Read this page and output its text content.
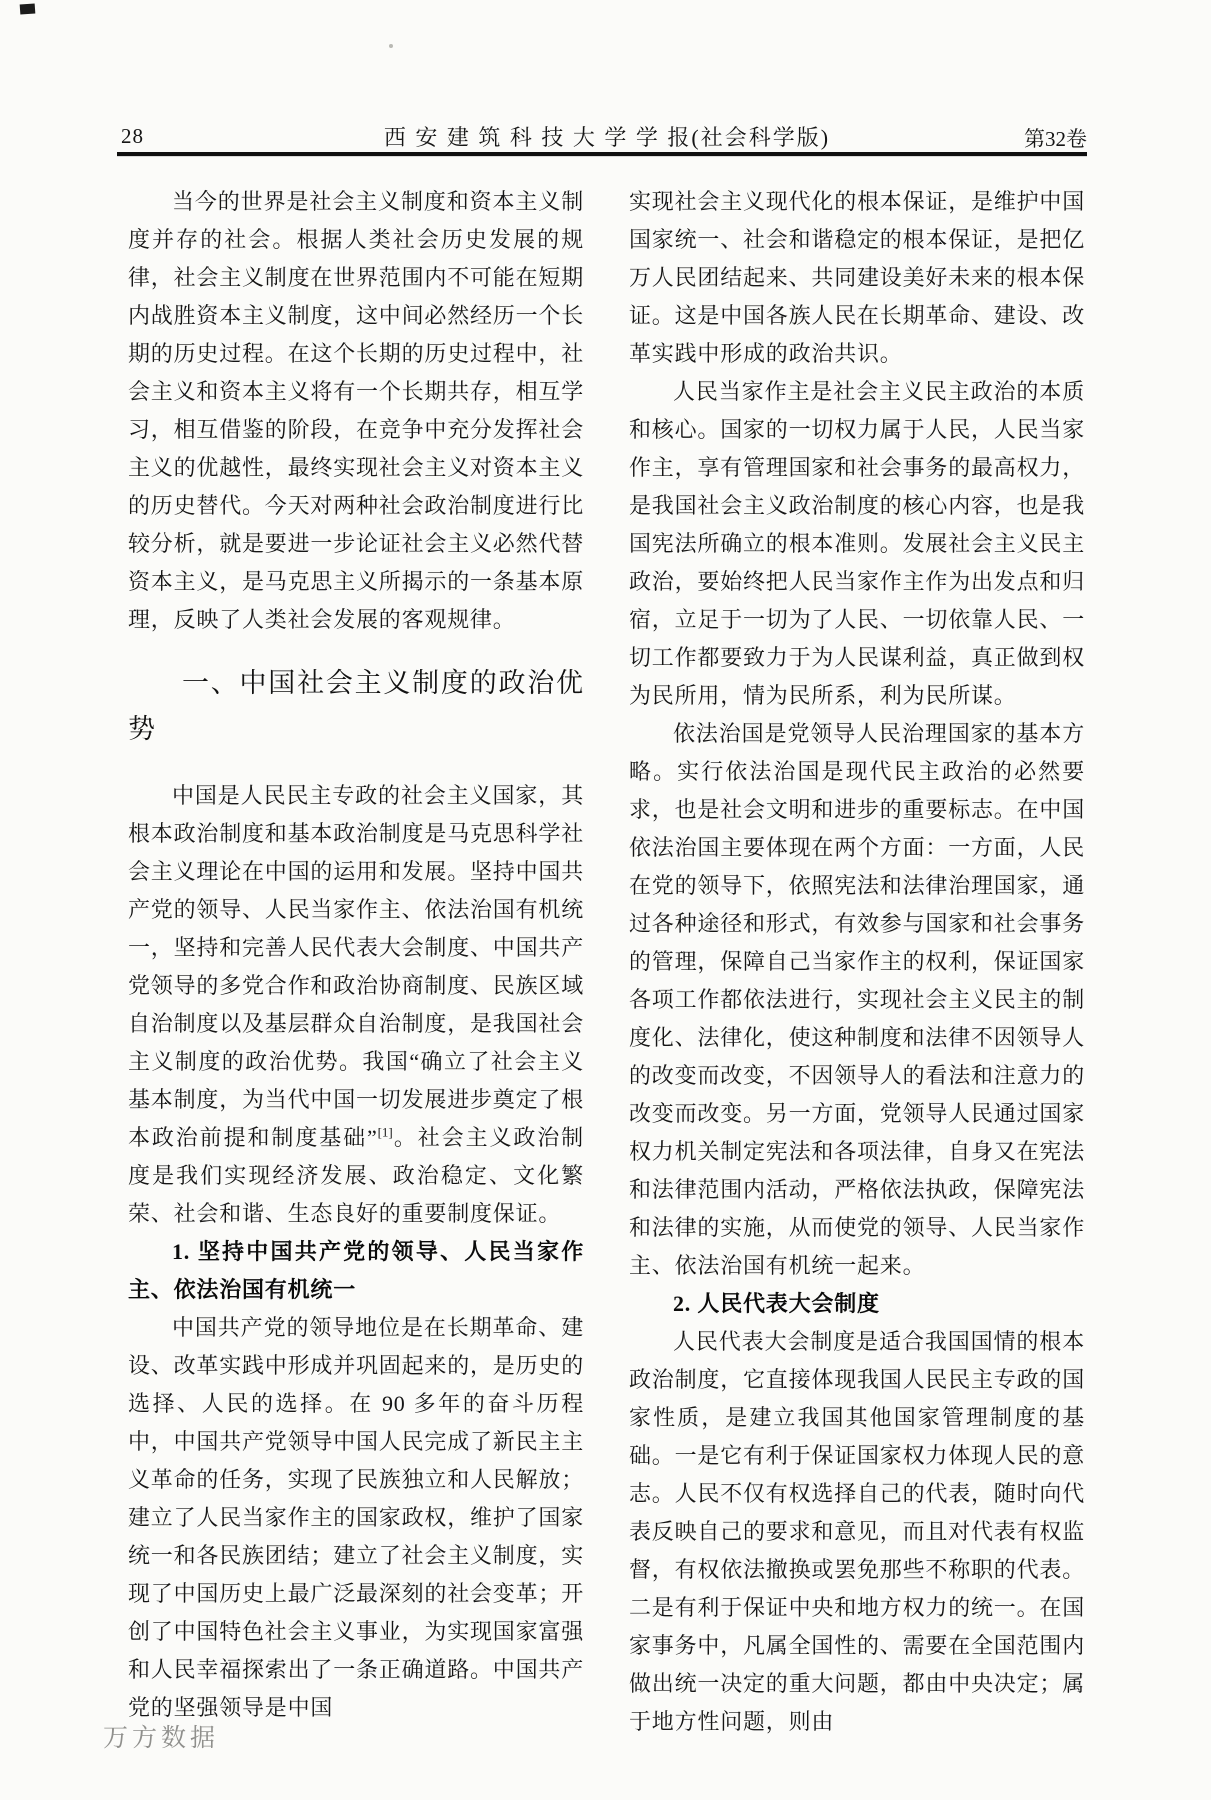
28	西 安 建 筑 科 技 大 学 学 报(社会科学版)	第32卷

当今的世界是社会主义制度和资本主义制度并存的社会。根据人类社会历史发展的规律，社会主义制度在世界范围内不可能在短期内战胜资本主义制度，这中间必然经历一个长期的历史过程。在这个长期的历史过程中，社会主义和资本主义将有一个长期共存，相互学习，相互借鉴的阶段，在竞争中充分发挥社会主义的优越性，最终实现社会主义对资本主义的历史替代。今天对两种社会政治制度进行比较分析，就是要进一步论证社会主义必然代替资本主义，是马克思主义所揭示的一条基本原理，反映了人类社会发展的客观规律。

一、中国社会主义制度的政治优势

中国是人民民主专政的社会主义国家，其根本政治制度和基本政治制度是马克思科学社会主义理论在中国的运用和发展。坚持中国共产党的领导、人民当家作主、依法治国有机统一，坚持和完善人民代表大会制度、中国共产党领导的多党合作和政治协商制度、民族区域自治制度以及基层群众自治制度，是我国社会主义制度的政治优势。我国“确立了社会主义基本制度，为当代中国一切发展进步奠定了根本政治前提和制度基础”[1]。社会主义政治制度是我们实现经济发展、政治稳定、文化繁荣、社会和谐、生态良好的重要制度保证。

1. 坚持中国共产党的领导、人民当家作主、依法治国有机统一

中国共产党的领导地位是在长期革命、建设、改革实践中形成并巩固起来的，是历史的选择、人民的选择。在 90 多年的奋斗历程中，中国共产党领导中国人民完成了新民主主义革命的任务，实现了民族独立和人民解放；建立了人民当家作主的国家政权，维护了国家统一和各民族团结；建立了社会主义制度，实现了中国历史上最广泛最深刻的社会变革；开创了中国特色社会主义事业，为实现国家富强和人民幸福探索出了一条正确道路。中国共产党的坚强领导是中国

实现社会主义现代化的根本保证，是维护中国国家统一、社会和谐稳定的根本保证，是把亿万人民团结起来、共同建设美好未来的根本保证。这是中国各族人民在长期革命、建设、改革实践中形成的政治共识。

人民当家作主是社会主义民主政治的本质和核心。国家的一切权力属于人民，人民当家作主，享有管理国家和社会事务的最高权力，是我国社会主义政治制度的核心内容，也是我国宪法所确立的根本准则。发展社会主义民主政治，要始终把人民当家作主作为出发点和归宿，立足于一切为了人民、一切依靠人民、一切工作都要致力于为人民谋利益，真正做到权为民所用，情为民所系，利为民所谋。

依法治国是党领导人民治理国家的基本方略。实行依法治国是现代民主政治的必然要求，也是社会文明和进步的重要标志。在中国依法治国主要体现在两个方面：一方面，人民在党的领导下，依照宪法和法律治理国家，通过各种途径和形式，有效参与国家和社会事务的管理，保障自己当家作主的权利，保证国家各项工作都依法进行，实现社会主义民主的制度化、法律化，使这种制度和法律不因领导人的改变而改变，不因领导人的看法和注意力的改变而改变。另一方面，党领导人民通过国家权力机关制定宪法和各项法律，自身又在宪法和法律范围内活动，严格依法执政，保障宪法和法律的实施，从而使党的领导、人民当家作主、依法治国有机统一起来。

2. 人民代表大会制度

人民代表大会制度是适合我国国情的根本政治制度，它直接体现我国人民民主专政的国家性质，是建立我国其他国家管理制度的基础。一是它有利于保证国家权力体现人民的意志。人民不仅有权选择自己的代表，随时向代表反映自己的要求和意见，而且对代表有权监督，有权依法撤换或罢免那些不称职的代表。二是有利于保证中央和地方权力的统一。在国家事务中，凡属全国性的、需要在全国范围内做出统一决定的重大问题，都由中央决定；属于地方性问题，则由

万方数据
